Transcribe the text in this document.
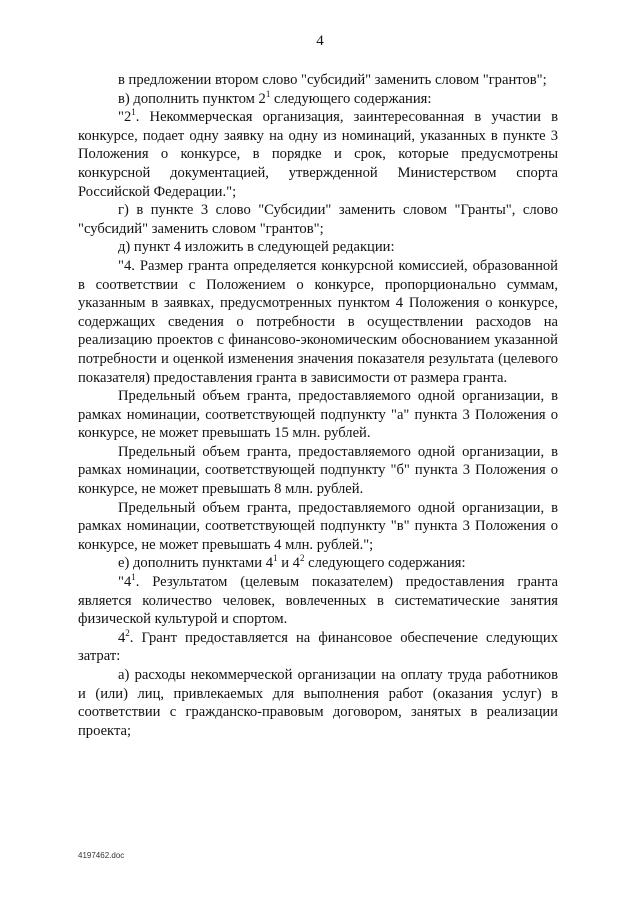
4

в предложении втором слово "субсидий" заменить словом "грантов";

в) дополнить пунктом $2^1$ следующего содержания:

"$2^1$. Некоммерческая организация, заинтересованная в участии в конкурсе, подает одну заявку на одну из номинаций, указанных в пункте 3 Положения о конкурсе, в порядке и срок, которые предусмотрены конкурсной документацией, утвержденной Министерством спорта Российской Федерации.";

г) в пункте 3 слово "Субсидии" заменить словом "Гранты", слово "субсидий" заменить словом "грантов";

д) пункт 4 изложить в следующей редакции:

"4. Размер гранта определяется конкурсной комиссией, образованной в соответствии с Положением о конкурсе, пропорционально суммам, указанным в заявках, предусмотренных пунктом 4 Положения о конкурсе, содержащих сведения о потребности в осуществлении расходов на реализацию проектов с финансово-экономическим обоснованием указанной потребности и оценкой изменения значения показателя результата (целевого показателя) предоставления гранта в зависимости от размера гранта.

Предельный объем гранта, предоставляемого одной организации, в рамках номинации, соответствующей подпункту "а" пункта 3 Положения о конкурсе, не может превышать 15 млн. рублей.

Предельный объем гранта, предоставляемого одной организации, в рамках номинации, соответствующей подпункту "б" пункта 3 Положения о конкурсе, не может превышать 8 млн. рублей.

Предельный объем гранта, предоставляемого одной организации, в рамках номинации, соответствующей подпункту "в" пункта 3 Положения о конкурсе, не может превышать 4 млн. рублей.";

е) дополнить пунктами $4^1$ и $4^2$ следующего содержания:

"$4^1$. Результатом (целевым показателем) предоставления гранта является количество человек, вовлеченных в систематические занятия физической культурой и спортом.

$4^2$. Грант предоставляется на финансовое обеспечение следующих затрат:

а) расходы некоммерческой организации на оплату труда работников и (или) лиц, привлекаемых для выполнения работ (оказания услуг) в соответствии с гражданско-правовым договором, занятых в реализации проекта;

4197462.doc
